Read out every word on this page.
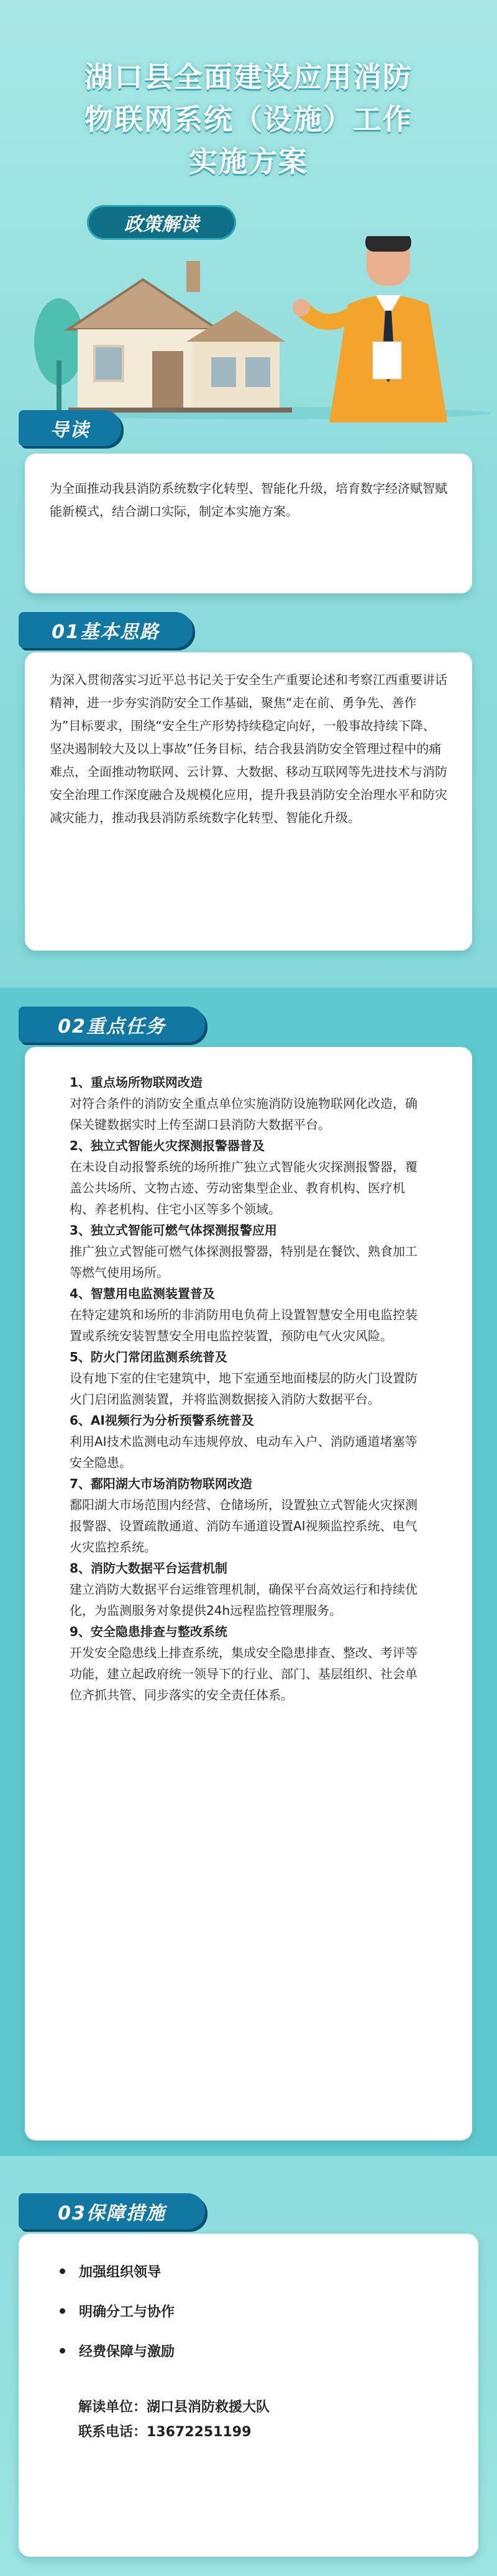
湖口县全面建设应用消防
物联网系统（设施）工作
实施方案
政策解读
导读

为全面推动我县消防系统数字化转型、智能化升级，培育数字经济赋智赋能新模式，结合湖口实际，制定本实施方案。

01基本思路

为深入贯彻落实习近平总书记关于安全生产重要论述和考察江西重要讲话精神，进一步夯实消防安全工作基础，聚焦“走在前、勇争先、善作为”目标要求，围绕“安全生产形势持续稳定向好，一般事故持续下降、坚决遏制较大及以上事故”任务目标，结合我县消防安全管理过程中的痛难点，全面推动物联网、云计算、大数据、移动互联网等先进技术与消防安全治理工作深度融合及规模化应用，提升我县消防安全治理水平和防灾减灾能力，推动我县消防系统数字化转型、智能化升级。

02重点任务

1、重点场所物联网改造

对符合条件的消防安全重点单位实施消防设施物联网化改造，确保关键数据实时上传至湖口县消防大数据平台。

2、独立式智能火灾探测报警器普及

在未设自动报警系统的场所推广独立式智能火灾探测报警器，覆盖公共场所、文物古迹、劳动密集型企业、教育机构、医疗机构、养老机构、住宅小区等多个领域。

3、独立式智能可燃气体探测报警应用

推广独立式智能可燃气体探测报警器，特别是在餐饮、熟食加工等燃气使用场所。

4、智慧用电监测装置普及

在特定建筑和场所的非消防用电负荷上设置智慧安全用电监控装置或系统安装智慧安全用电监控装置，预防电气火灾风险。

5、防火门常闭监测系统普及

设有地下室的住宅建筑中，地下室通至地面楼层的防火门设置防火门启闭监测装置，并将监测数据接入消防大数据平台。

6、AI视频行为分析预警系统普及

利用AI技术监测电动车违规停放、电动车入户、消防通道堵塞等安全隐患。

7、鄱阳湖大市场消防物联网改造

鄱阳湖大市场范围内经营、仓储场所，设置独立式智能火灾探测报警器、设置疏散通道、消防车通道设置AI视频监控系统、电气火灾监控系统。

8、消防大数据平台运营机制

建立消防大数据平台运维管理机制，确保平台高效运行和持续优化，为监测服务对象提供24h远程监控管理服务。

9、安全隐患排查与整改系统

开发安全隐患线上排查系统，集成安全隐患排查、整改、考评等功能，建立起政府统一领导下的行业、部门、基层组织、社会单位齐抓共管、同步落实的安全责任体系。

03保障措施
加强组织领导
明确分工与协作
经费保障与激励
解读单位：湖口县消防救援大队
联系电话：13672251199
